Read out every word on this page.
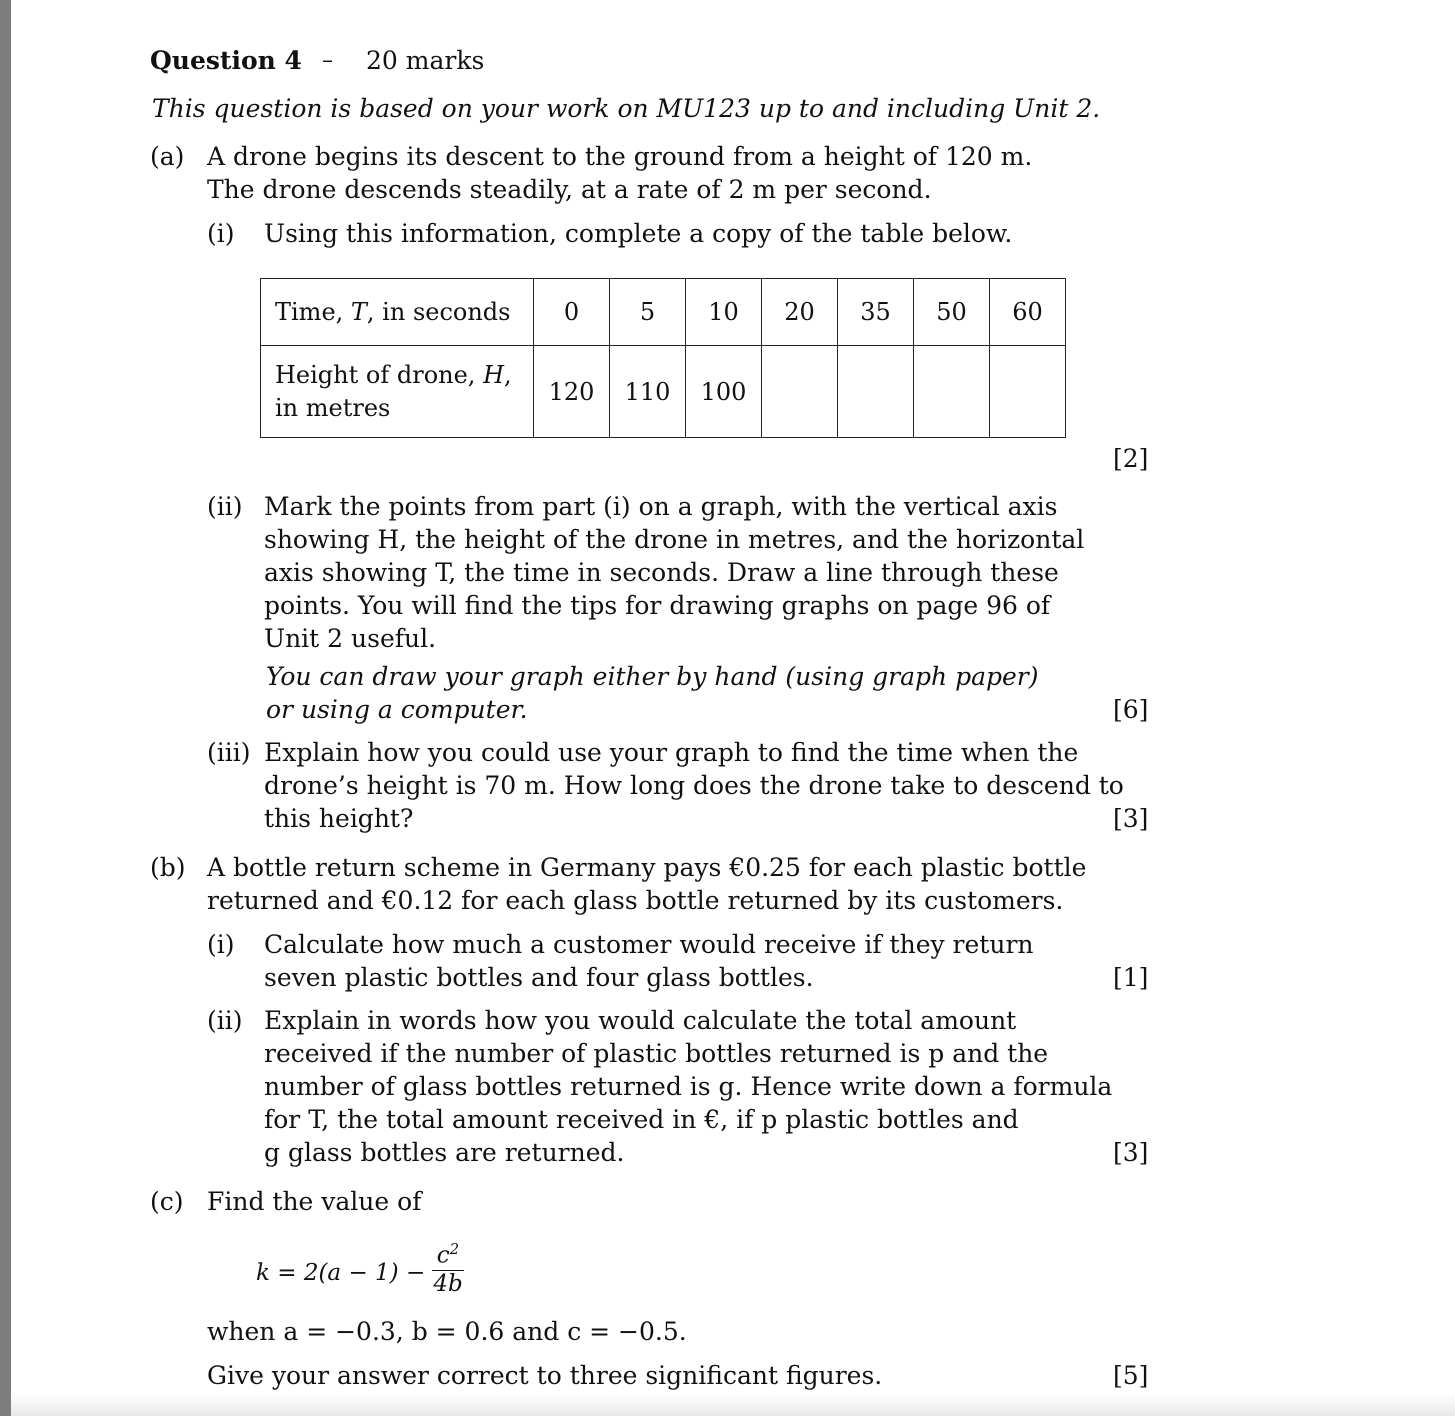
Question 4 – 20 marks
This question is based on your work on MU123 up to and including Unit 2.
(a) A drone begins its descent to the ground from a height of 120 m.
The drone descends steadily, at a rate of 2 m per second.
(i) Using this information, complete a copy of the table below.
Time, T, in seconds	0	5	10	20	35	50	60
Height of drone, H,
in metres	120	110	100				
[2]
(ii) Mark the points from part (i) on a graph, with the vertical axis
showing H, the height of the drone in metres, and the horizontal
axis showing T, the time in seconds. Draw a line through these
points. You will find the tips for drawing graphs on page 96 of
Unit 2 useful.
You can draw your graph either by hand (using graph paper)
or using a computer.	[6]
(iii) Explain how you could use your graph to find the time when the
drone’s height is 70 m. How long does the drone take to descend to
this height?	[3]
(b) A bottle return scheme in Germany pays €0.25 for each plastic bottle
returned and €0.12 for each glass bottle returned by its customers.
(i) Calculate how much a customer would receive if they return
seven plastic bottles and four glass bottles.	[1]
(ii) Explain in words how you would calculate the total amount
received if the number of plastic bottles returned is p and the
number of glass bottles returned is g. Hence write down a formula
for T, the total amount received in €, if p plastic bottles and
g glass bottles are returned.	[3]
(c) Find the value of
k = 2(a − 1) −
$c^2$
4b
when a = −0.3, b = 0.6 and c = −0.5.
Give your answer correct to three significant figures.	[5]
